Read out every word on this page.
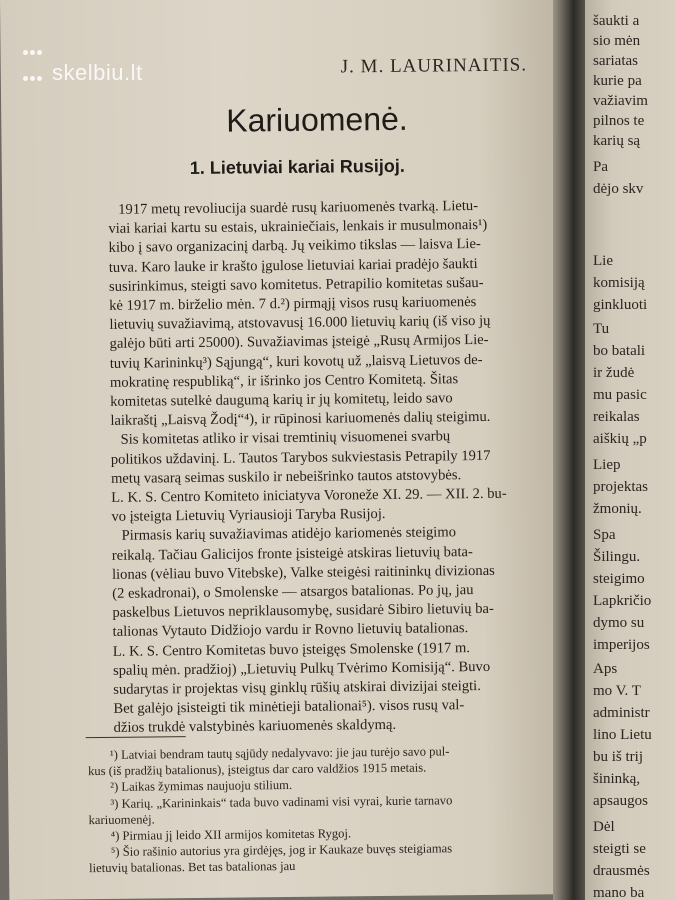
J. M. LAURINAITIS.
Kariuomenė.
1. Lietuviai kariai Rusijoj.
1917 metų revoliucija suardė rusų kariuomenės tvarką. Lietu-
viai kariai kartu su estais, ukrainiečiais, lenkais ir musulmonais¹)
kibo į savo organizacinį darbą. Jų veikimo tikslas — laisva Lie-
tuva. Karo lauke ir krašto įgulose lietuviai kariai pradėjo šaukti
susirinkimus, steigti savo komitetus. Petrapilio komitetas sušau-
kė 1917 m. birželio mėn. 7 d.²) pirmąjį visos rusų kariuomenės
lietuvių suvažiavimą, atstovavusį 16.000 lietuvių karių (iš viso jų
galėjo būti arti 25000). Suvažiavimas įsteigė „Rusų Armijos Lie-
tuvių Karininkų³) Sąjungą“, kuri kovotų už „laisvą Lietuvos de-
mokratinę respubliką“, ir išrinko jos Centro Komitetą. Šitas
komitetas sutelkė daugumą karių ir jų komitetų, leido savo
laikraštį „Laisvą Žodį“⁴), ir rūpinosi kariuomenės dalių steigimu.
Sis komitetas atliko ir visai tremtinių visuomenei svarbų
politikos uždavinį. L. Tautos Tarybos sukviestasis Petrapily 1917
metų vasarą seimas suskilo ir nebeišrinko tautos atstovybės.
L. K. S. Centro Komiteto iniciatyva Voroneže XI. 29. — XII. 2. bu-
vo įsteigta Lietuvių Vyriausioji Taryba Rusijoj.
Pirmasis karių suvažiavimas atidėjo kariomenės steigimo
reikalą. Tačiau Galicijos fronte įsisteigė atskiras lietuvių bata-
lionas (vėliau buvo Vitebske), Valke steigėsi raitininkų divizionas
(2 eskadronai), o Smolenske — atsargos batalionas. Po jų, jau
paskelbus Lietuvos nepriklausomybę, susidarė Sibiro lietuvių ba-
talionas Vytauto Didžiojo vardu ir Rovno lietuvių batalionas.
L. K. S. Centro Komitetas buvo įsteigęs Smolenske (1917 m.
spalių mėn. pradžioj) „Lietuvių Pulkų Tvėrimo Komisiją“. Buvo
sudarytas ir projektas visų ginklų rūšių atskirai divizijai steigti.
Bet galėjo įsisteigti tik minėtieji batalionai⁵). visos rusų val-
džios trukdė valstybinės kariuomenės skaldymą.
¹) Latviai bendram tautų sąjūdy nedalyvavo: jie jau turėjo savo pul-
kus (iš pradžių batalionus), įsteigtus dar caro valdžios 1915 metais.
²) Laikas žymimas naujuoju stilium.
³) Karių. „Karininkais“ tada buvo vadinami visi vyrai, kurie tarnavo
kariuomenėj.
⁴) Pirmiau jį leido XII armijos komitetas Rygoj.
⁵) Šio rašinio autorius yra girdėjęs, jog ir Kaukaze buvęs steigiamas
lietuvių batalionas. Bet tas batalionas jau
šaukti a
sio mėn
sariatas
kurie pa
važiavim
pilnos te
karių są
Pa
dėjo skv
Lie
komisiją
ginkluoti
Tu
bo batali
ir žudė
mu pasic
reikalas
aiškių „p
Liep
projektas
žmonių.
Spa
Šilingu.
steigimo
Lapkričio
dymo su
imperijos
Aps
mo V. T
administr
lino Lietu
bu iš trij
šininką,
apsaugos
Dėl
steigti se
drausmės
mano ba

skelbiu.lt
